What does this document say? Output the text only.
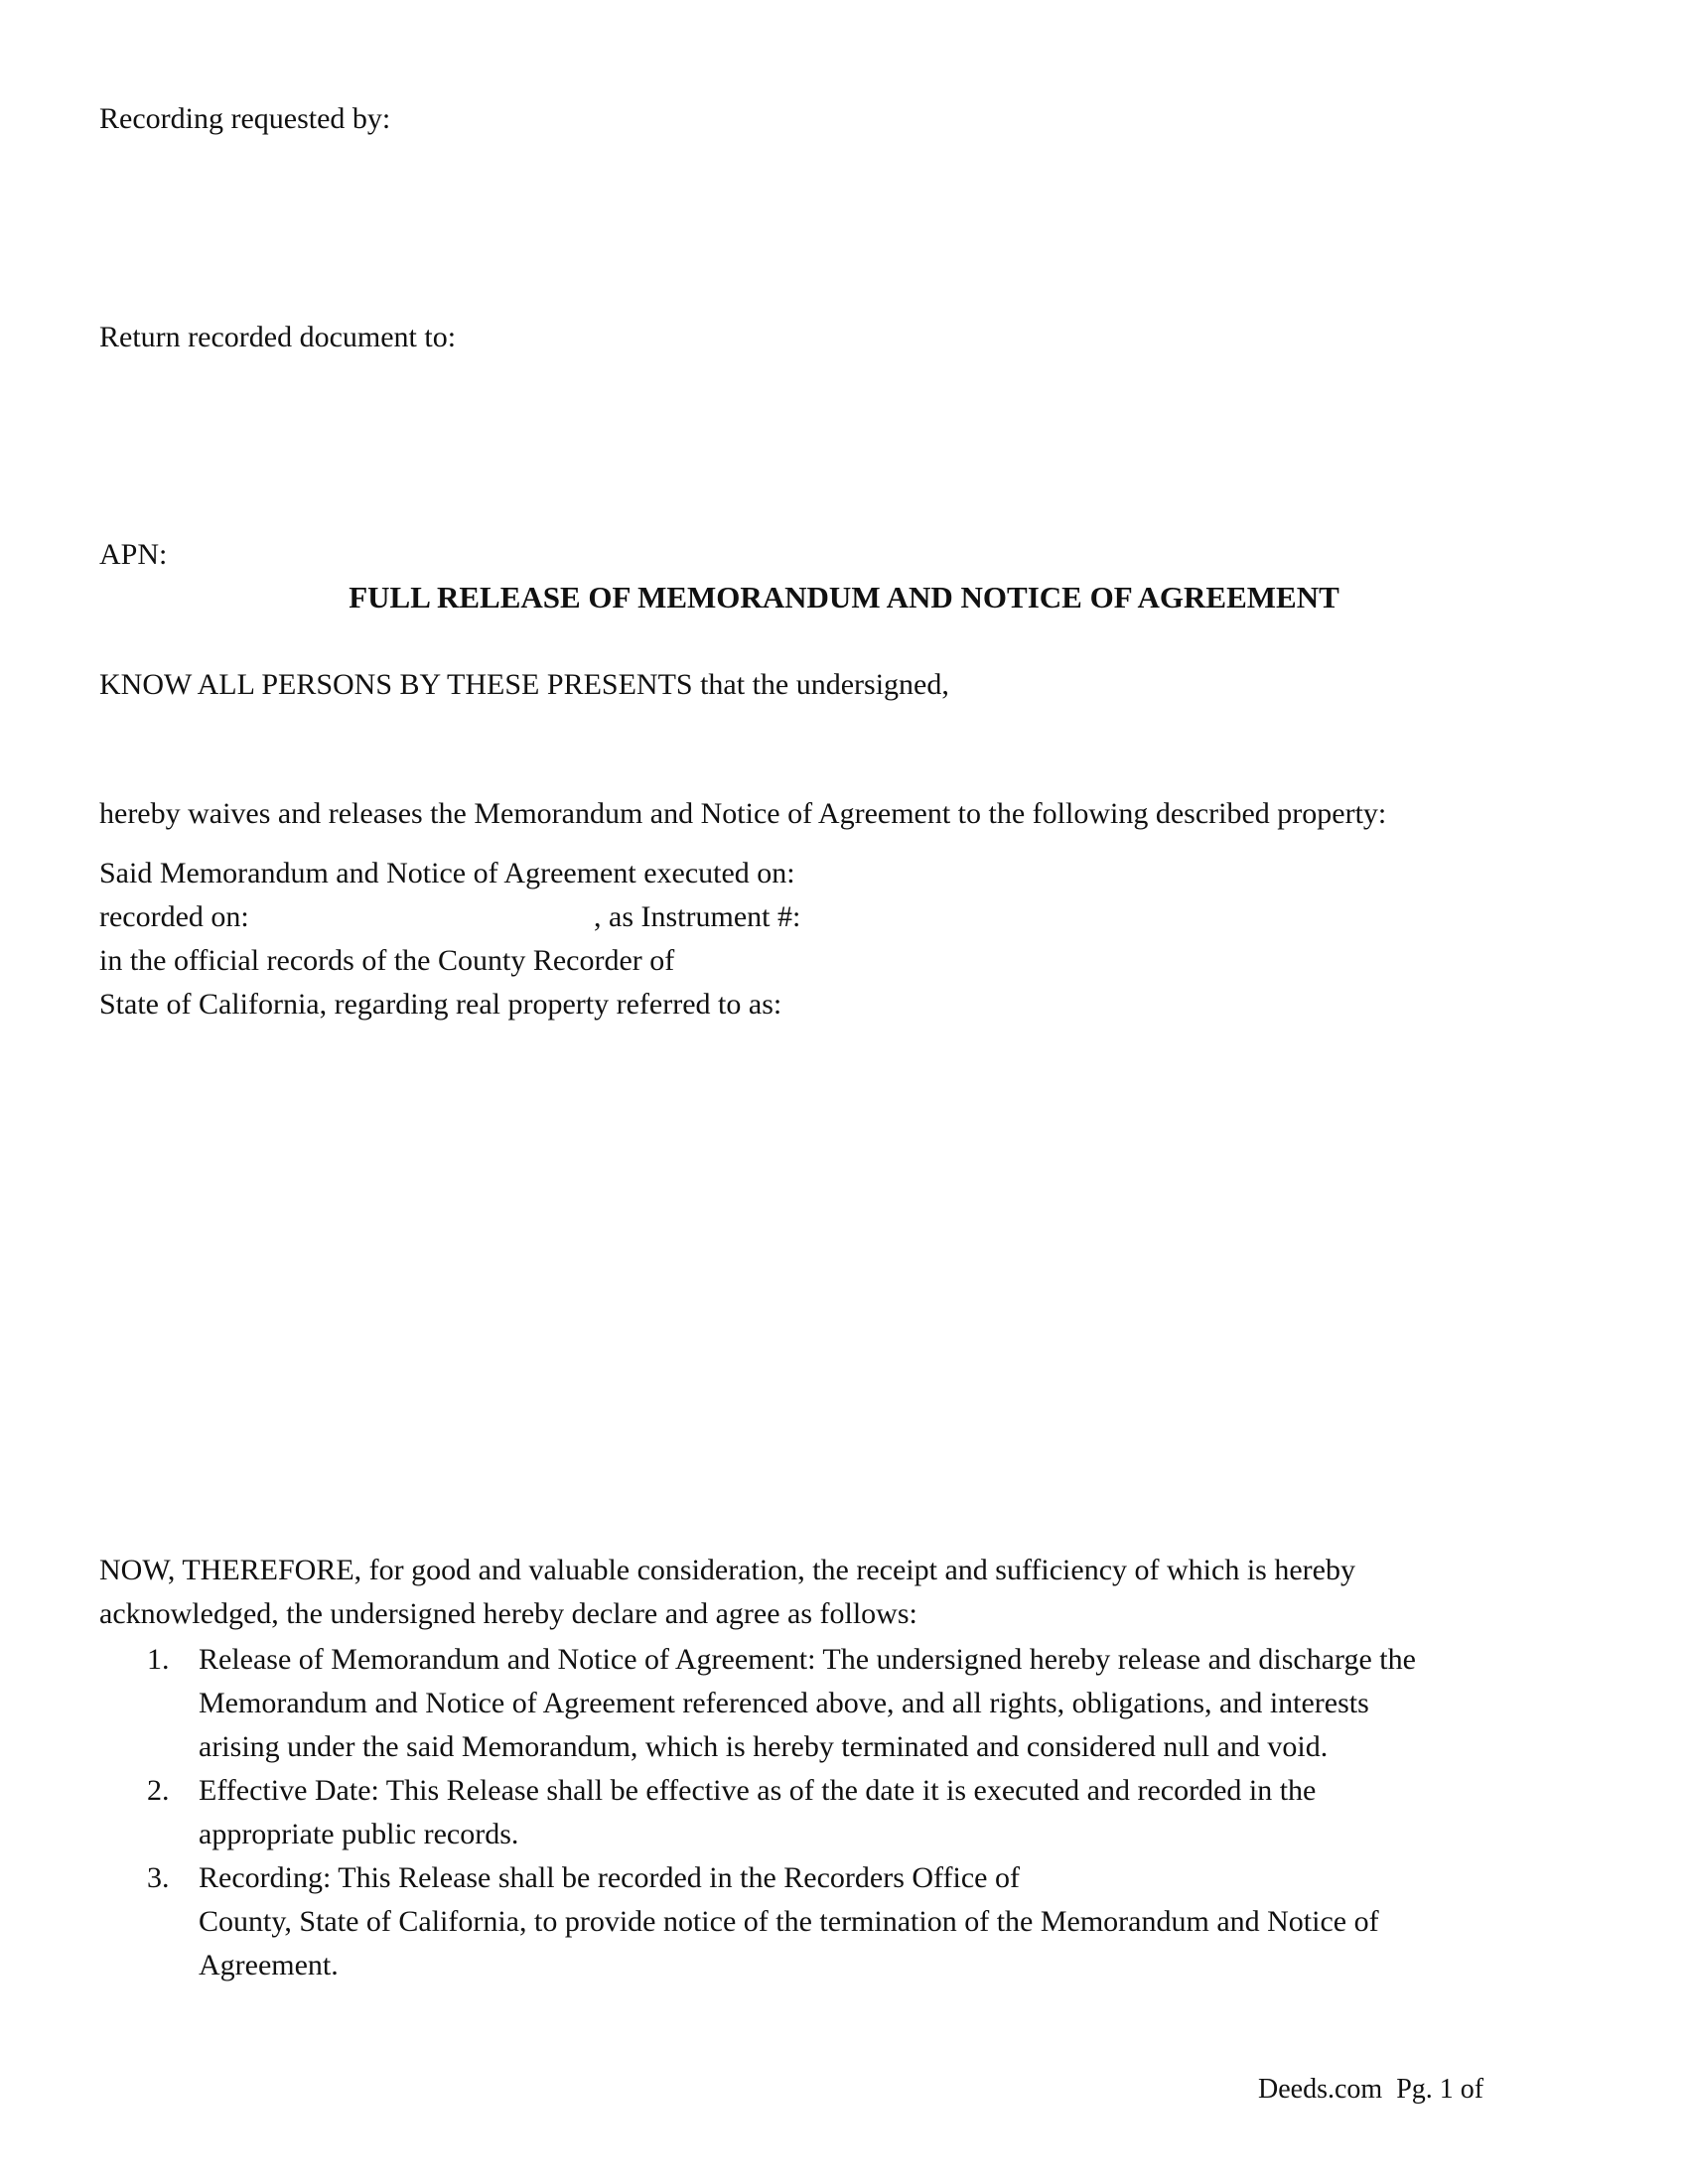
Recording requested by:
Return recorded document to:
APN:
FULL RELEASE OF MEMORANDUM AND NOTICE OF AGREEMENT
KNOW ALL PERSONS BY THESE PRESENTS that the undersigned,
hereby waives and releases the Memorandum and Notice of Agreement to the following described property:
Said Memorandum and Notice of Agreement executed on:
recorded on:	, as Instrument #:
in the official records of the County Recorder of
State of California, regarding real property referred to as:
NOW, THEREFORE, for good and valuable consideration, the receipt and sufficiency of which is hereby
acknowledged, the undersigned hereby declare and agree as follows:
1. Release of Memorandum and Notice of Agreement: The undersigned hereby release and discharge the
Memorandum and Notice of Agreement referenced above, and all rights, obligations, and interests
arising under the said Memorandum, which is hereby terminated and considered null and void.
2. Effective Date: This Release shall be effective as of the date it is executed and recorded in the
appropriate public records.
3. Recording: This Release shall be recorded in the Recorders Office of
County, State of California, to provide notice of the termination of the Memorandum and Notice of
Agreement.
Deeds.com Pg. 1 of
